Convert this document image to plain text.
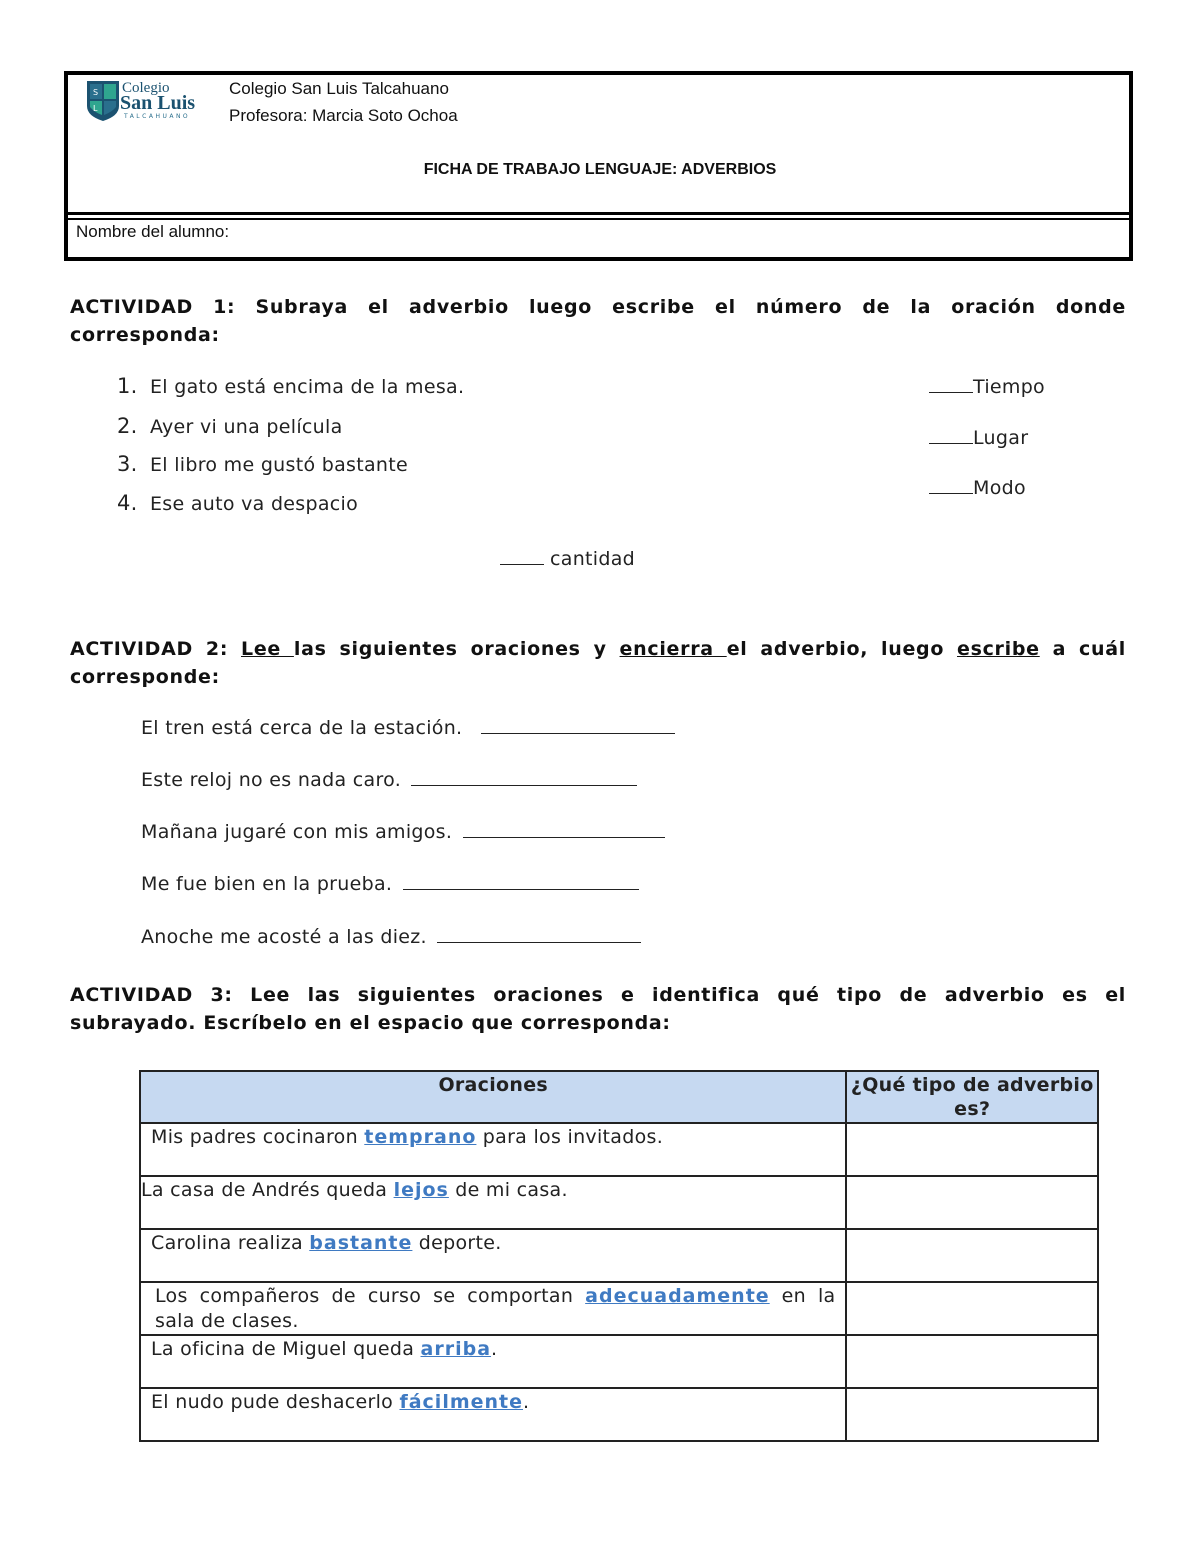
S
L
Colegio
San Luis
TALCAHUANO
Colegio San Luis Talcahuano
Profesora: Marcia Soto Ochoa
FICHA DE TRABAJO LENGUAJE: ADVERBIOS
Nombre del alumno:
ACTIVIDAD 1: Subraya el adverbio luego escribe el número de la oración donde
corresponda:
1. El gato está encima de la mesa.
2. Ayer vi una película
3. El libro me gustó bastante
4. Ese auto va despacio
Tiempo
Lugar
Modo
cantidad
ACTIVIDAD 2: Lee las siguientes oraciones y encierra el adverbio, luego escribe a cuál
corresponde:
El tren está cerca de la estación.
Este reloj no es nada caro.
Mañana jugaré con mis amigos.
Me fue bien en la prueba.
Anoche me acosté a las diez.
ACTIVIDAD 3: Lee las siguientes oraciones e identifica qué tipo de adverbio es el
subrayado. Escríbelo en el espacio que corresponda:
Oraciones	¿Qué tipo de adverbio es?

Mis padres cocinaron temprano para los invitados.	

La casa de Andrés queda lejos de mi casa.	

Carolina realiza bastante deporte.	

Los compañeros de curso se comportan adecuadamente en la sala de clases.	

La oficina de Miguel queda arriba.	

El nudo pude deshacerlo fácilmente.	
